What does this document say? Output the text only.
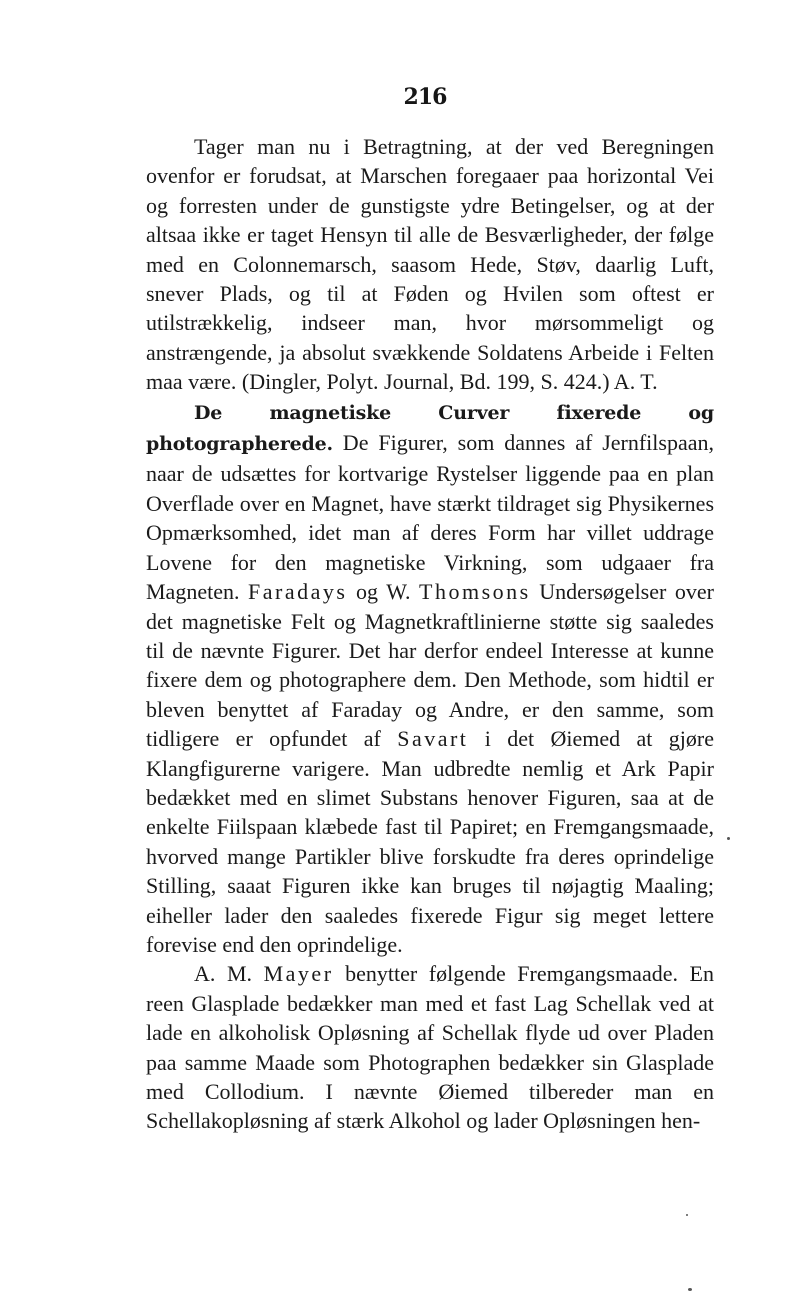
216

Tager man nu i Betragtning, at der ved Beregningen ovenfor er forudsat, at Marschen foregaaer paa horizontal Vei og forresten under de gunstigste ydre Betingelser, og at der altsaa ikke er taget Hensyn til alle de Besværligheder, der følge med en Colonnemarsch, saasom Hede, Støv, daarlig Luft, snever Plads, og til at Føden og Hvilen som oftest er utilstrækkelig, indseer man, hvor mørsommeligt og anstrængende, ja absolut svækkende Soldatens Arbeide i Felten maa være. (Dingler, Polyt. Journal, Bd. 199, S. 424.) A. T.

De magnetiske Curver fixerede og photographerede. De Figurer, som dannes af Jernfilspaan, naar de udsættes for kortvarige Rystelser liggende paa en plan Overflade over en Magnet, have stærkt tildraget sig Physikernes Opmærksomhed, idet man af deres Form har villet uddrage Lovene for den magnetiske Virkning, som udgaaer fra Magneten. Faradays og W. Thomsons Undersøgelser over det magnetiske Felt og Magnetkraftlinierne støtte sig saaledes til de nævnte Figurer. Det har derfor endeel Interesse at kunne fixere dem og photographere dem. Den Methode, som hidtil er bleven benyttet af Faraday og Andre, er den samme, som tidligere er opfundet af Savart i det Øiemed at gjøre Klangfigurerne varigere. Man udbredte nemlig et Ark Papir bedækket med en slimet Substans henover Figuren, saa at de enkelte Fiilspaan klæbede fast til Papiret; en Fremgangsmaade, hvorved mange Partikler blive forskudte fra deres oprindelige Stilling, saaat Figuren ikke kan bruges til nøjagtig Maaling; eiheller lader den saaledes fixerede Figur sig meget lettere forevise end den oprindelige.

A. M. Mayer benytter følgende Fremgangsmaade. En reen Glasplade bedækker man med et fast Lag Schellak ved at lade en alkoholisk Opløsning af Schellak flyde ud over Pladen paa samme Maade som Photographen bedækker sin Glasplade med Collodium. I nævnte Øiemed tilbereder man en Schellakopløsning af stærk Alkohol og lader Opløsningen hen-
